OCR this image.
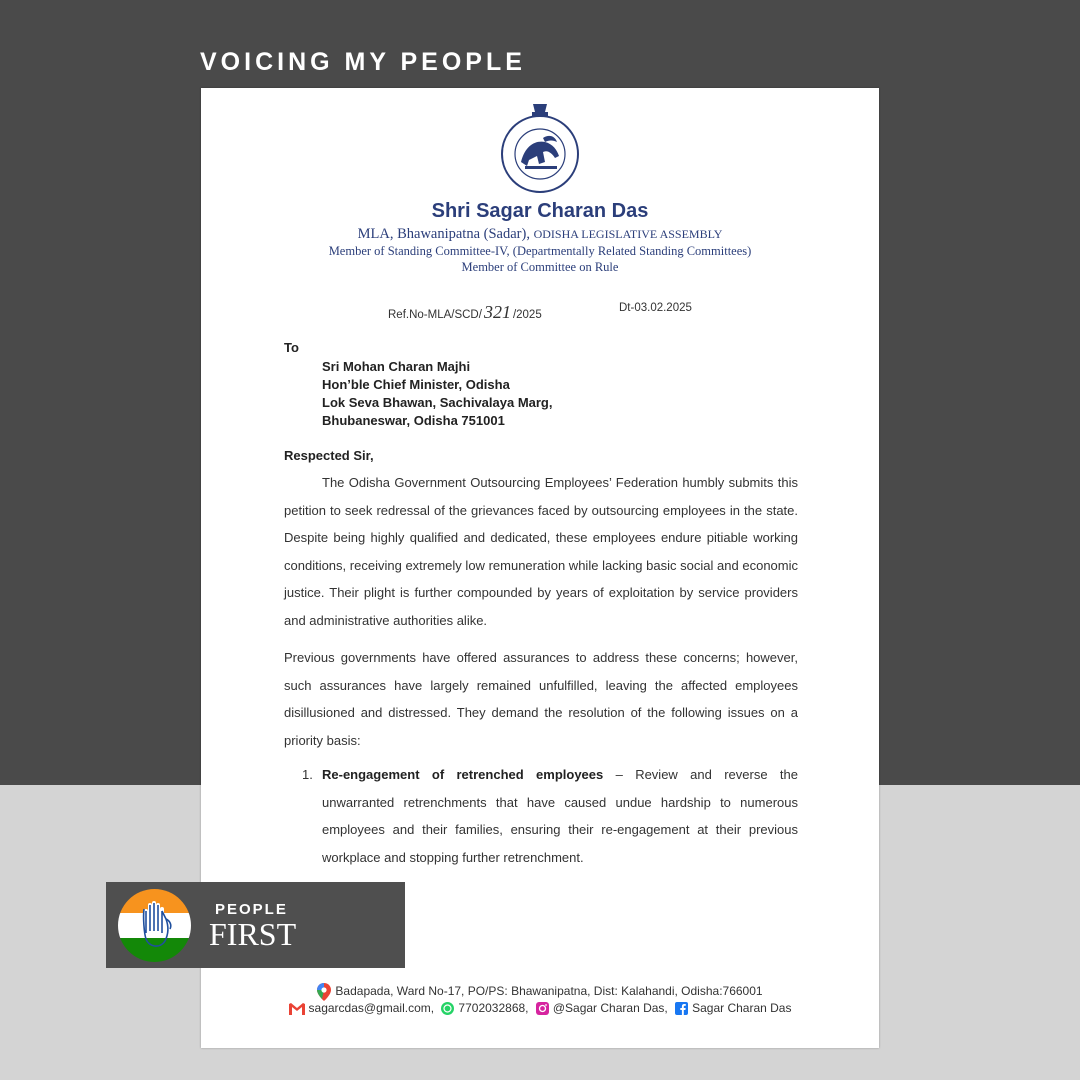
VOICING MY PEOPLE
Shri Sagar Charan Das
MLA, Bhawanipatna (Sadar), ODISHA LEGISLATIVE ASSEMBLY
Member of Standing Committee-IV, (Departmentally Related Standing Committees)
Member of Committee on Rule
Ref.No-MLA/SCD/ 321 /2025
Dt-03.02.2025
To
Sri Mohan Charan Majhi
Hon’ble Chief Minister, Odisha
Lok Seva Bhawan, Sachivalaya Marg,
Bhubaneswar, Odisha 751001
Respected Sir,
The Odisha Government Outsourcing Employees’ Federation humbly submits this petition to seek redressal of the grievances faced by outsourcing employees in the state. Despite being highly qualified and dedicated, these employees endure pitiable working conditions, receiving extremely low remuneration while lacking basic social and economic justice. Their plight is further compounded by years of exploitation by service providers and administrative authorities alike.
Previous governments have offered assurances to address these concerns; however, such assurances have largely remained unfulfilled, leaving the affected employees disillusioned and distressed. They demand the resolution of the following issues on a priority basis:
1. Re-engagement of retrenched employees – Review and reverse the unwarranted retrenchments that have caused undue hardship to numerous employees and their families, ensuring their re-engagement at their previous workplace and stopping further retrenchment.
Badapada, Ward No-17, PO/PS: Bhawanipatna, Dist: Kalahandi, Odisha:766001
sagarcdas@gmail.com, 7702032868, @Sagar Charan Das, Sagar Charan Das
PEOPLE
FIRST
